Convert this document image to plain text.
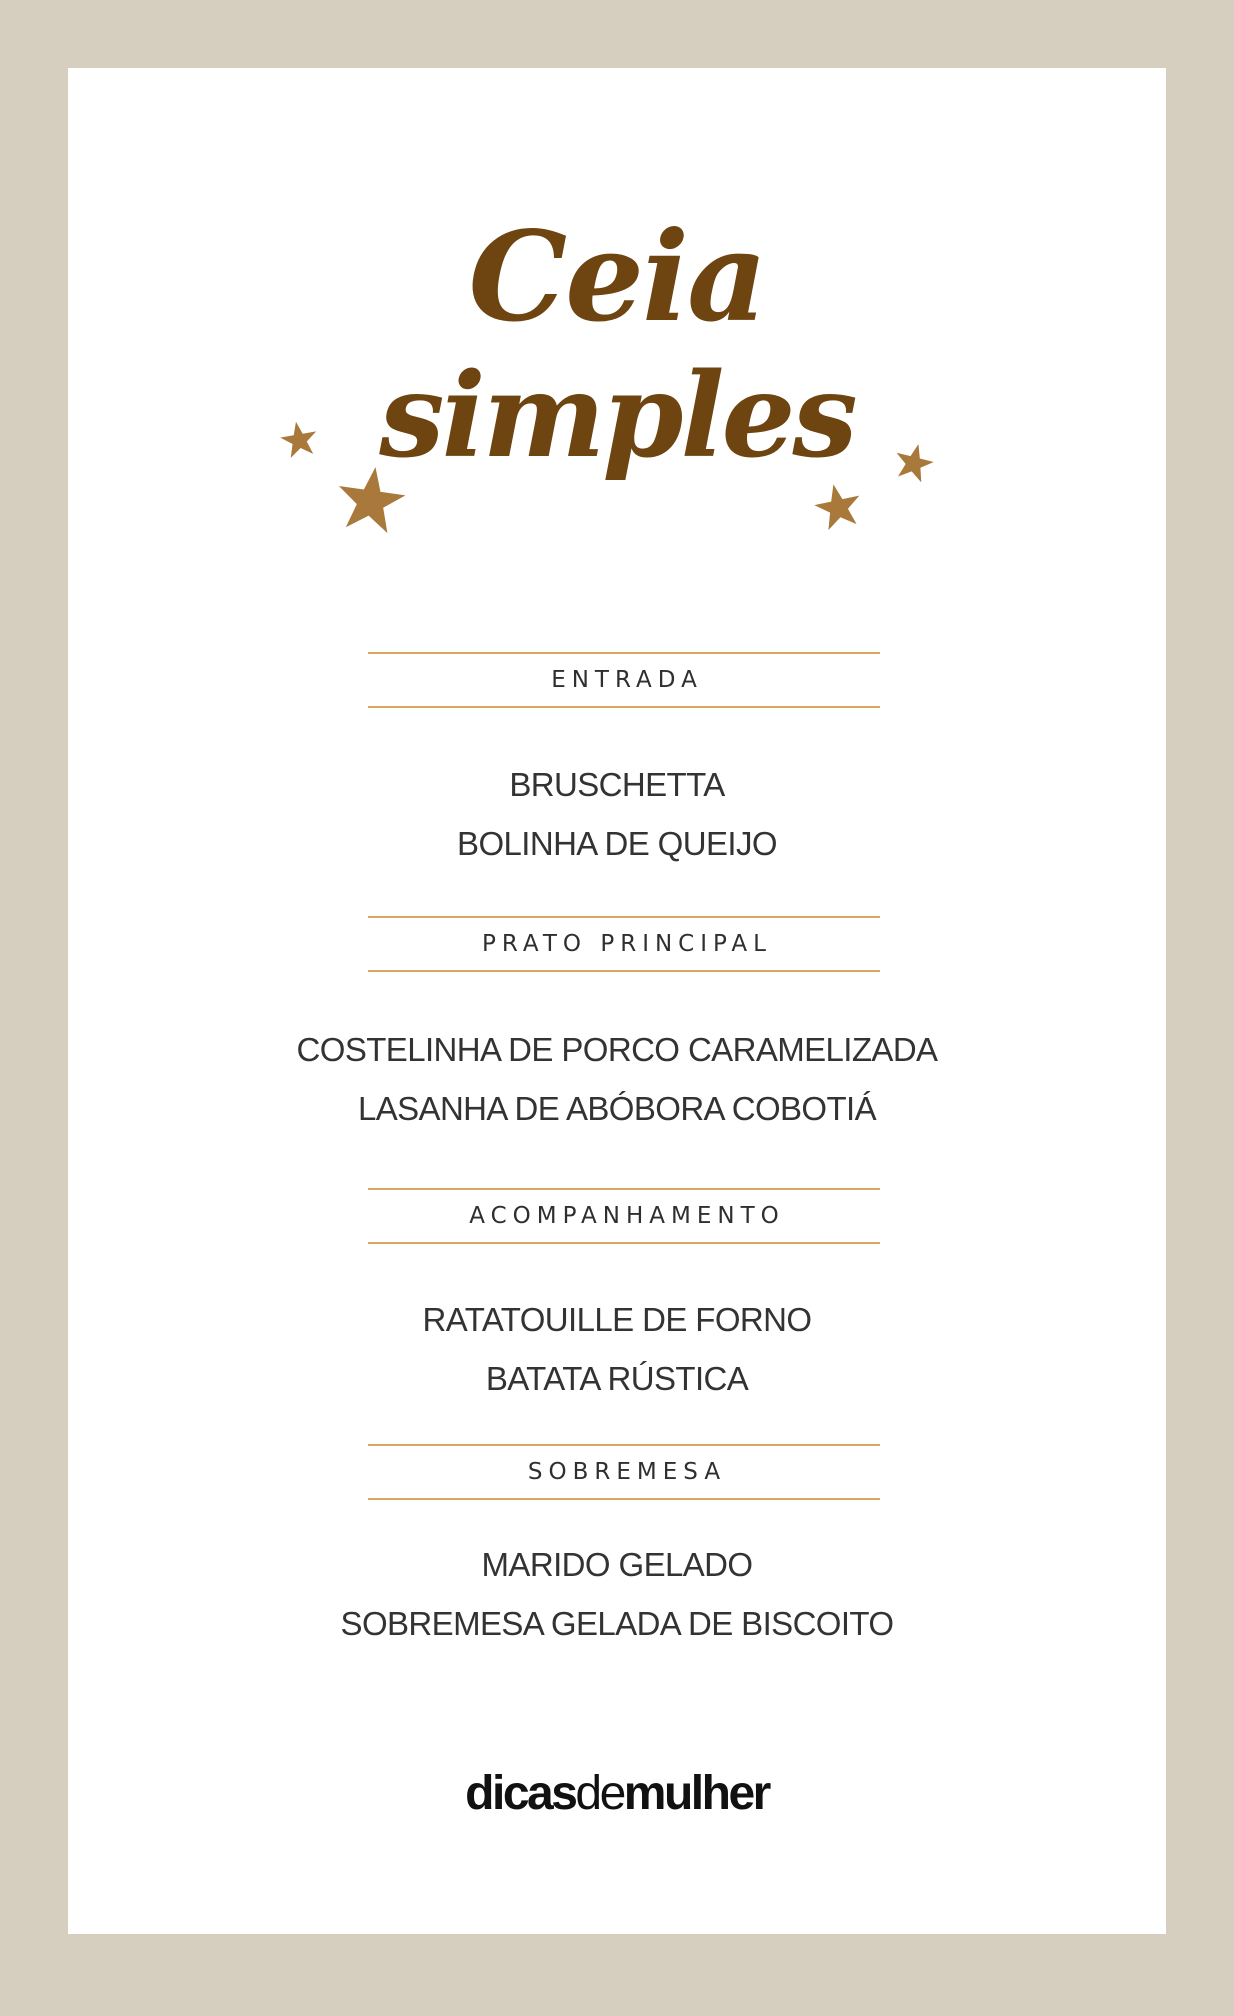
Ceia
simples
ENTRADA
BRUSCHETTA
BOLINHA DE QUEIJO
PRATO PRINCIPAL
COSTELINHA DE PORCO CARAMELIZADA
LASANHA DE ABÓBORA COBOTIÁ
ACOMPANHAMENTO
RATATOUILLE DE FORNO
BATATA RÚSTICA
SOBREMESA
MARIDO GELADO
SOBREMESA GELADA DE BISCOITO
dicasdemulher
